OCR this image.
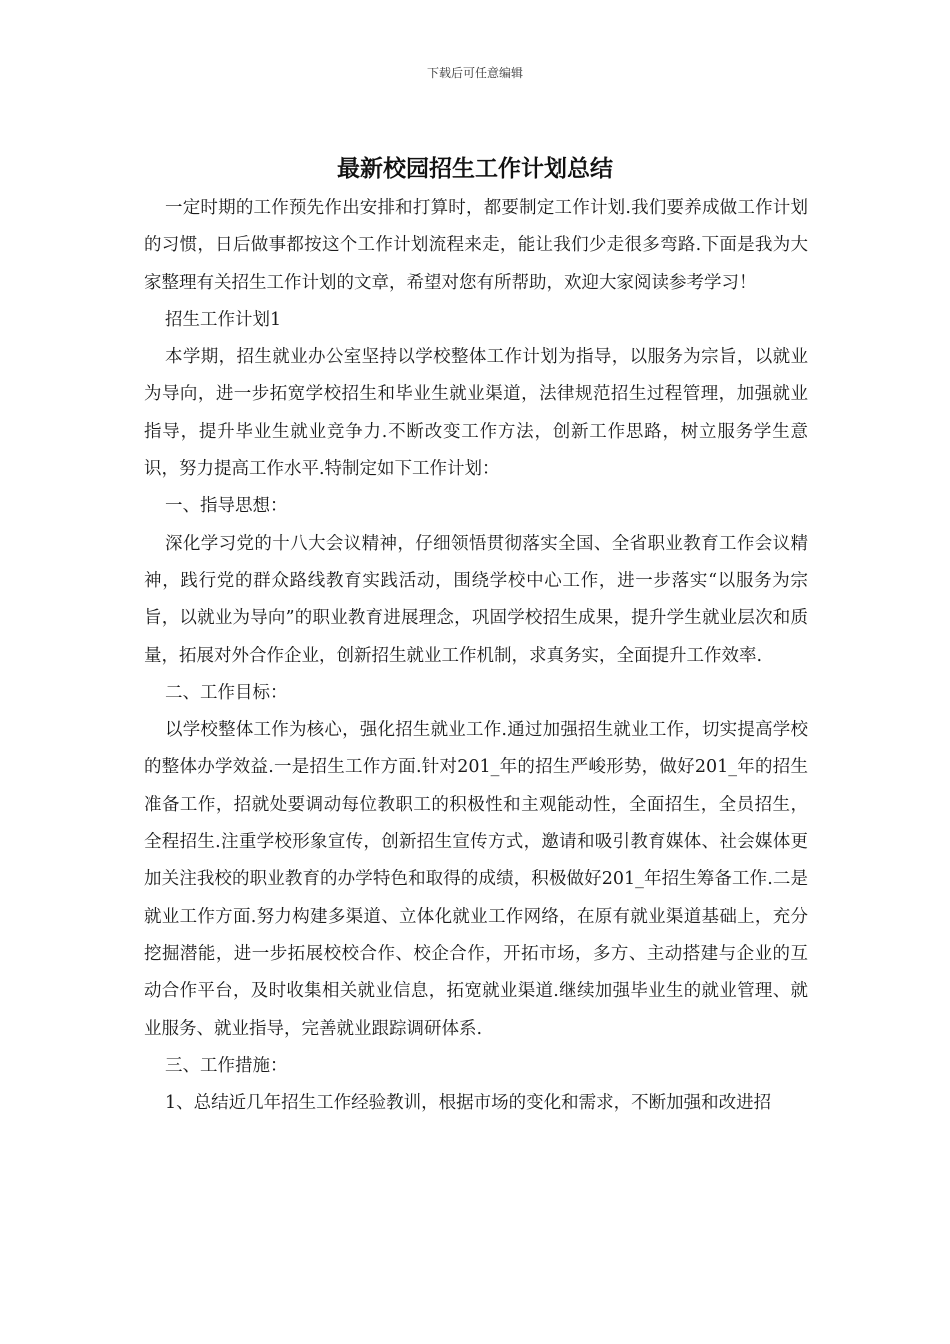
下载后可任意编辑
最新校园招生工作计划总结

一定时期的工作预先作出安排和打算时，都要制定工作计划.我们要养成做工作计划的习惯，日后做事都按这个工作计划流程来走，能让我们少走很多弯路.下面是我为大家整理有关招生工作计划的文章，希望对您有所帮助，欢迎大家阅读参考学习！

招生工作计划1

本学期，招生就业办公室坚持以学校整体工作计划为指导，以服务为宗旨，以就业为导向，进一步拓宽学校招生和毕业生就业渠道，法律规范招生过程管理，加强就业指导，提升毕业生就业竞争力.不断改变工作方法，创新工作思路，树立服务学生意识，努力提高工作水平.特制定如下工作计划：

一、指导思想：

深化学习党的十八大会议精神，仔细领悟贯彻落实全国、全省职业教育工作会议精神，践行党的群众路线教育实践活动，围绕学校中心工作，进一步落实“以服务为宗旨，以就业为导向”的职业教育进展理念，巩固学校招生成果，提升学生就业层次和质量，拓展对外合作企业，创新招生就业工作机制，求真务实，全面提升工作效率.

二、工作目标：

以学校整体工作为核心，强化招生就业工作.通过加强招生就业工作，切实提高学校的整体办学效益.一是招生工作方面.针对201_年的招生严峻形势，做好201_年的招生准备工作，招就处要调动每位教职工的积极性和主观能动性，全面招生，全员招生，全程招生.注重学校形象宣传，创新招生宣传方式，邀请和吸引教育媒体、社会媒体更加关注我校的职业教育的办学特色和取得的成绩，积极做好201_年招生筹备工作.二是就业工作方面.努力构建多渠道、立体化就业工作网络，在原有就业渠道基础上，充分挖掘潜能，进一步拓展校校合作、校企合作，开拓市场，多方、主动搭建与企业的互动合作平台，及时收集相关就业信息，拓宽就业渠道.继续加强毕业生的就业管理、就业服务、就业指导，完善就业跟踪调研体系.

三、工作措施：

1、总结近几年招生工作经验教训，根据市场的变化和需求，不断加强和改进招
